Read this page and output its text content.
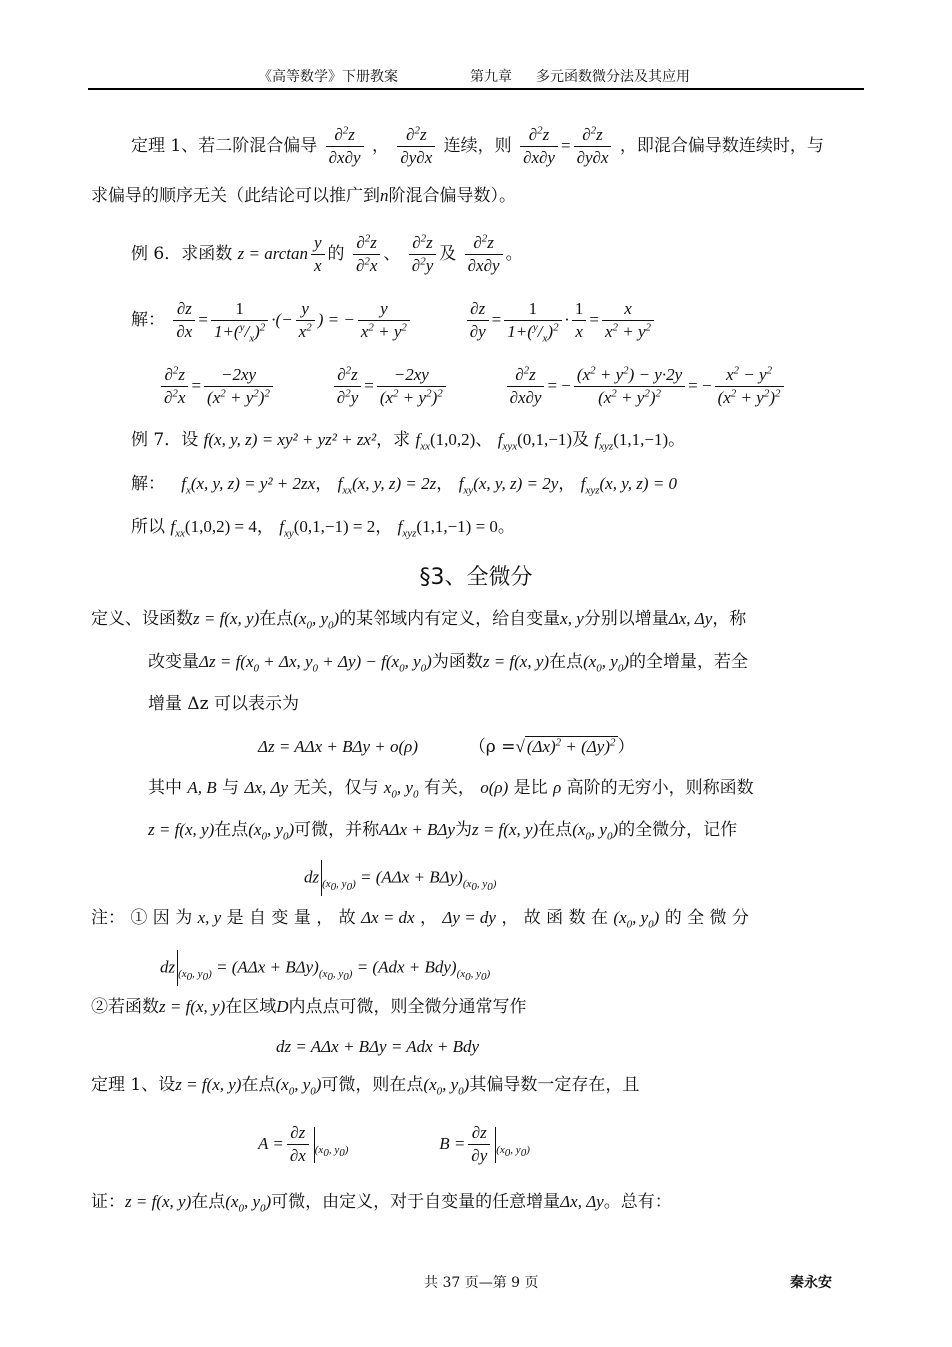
《高等数学》下册教案	第九章 多元函数微分法及其应用
定理 1、若二阶混合偏导 $\frac{\partial^2z}{\partial x\partial y}$ ， $\frac{\partial^2z}{\partial y\partial x}$ 连续，则 $\frac{\partial^2z}{\partial x\partial y} = \frac{\partial^2z}{\partial y\partial x}$ ，即混合偏导数连续时，与
求偏导的顺序无关（此结论可以推广到n阶混合偏导数）。
例 6．求函数 $z = \arctan \frac{y}{x}$ 的 $\frac{\partial^2z}{\partial^2x}$ 、 $\frac{\partial^2z}{\partial^2y}$ 及 $\frac{\partial^2z}{\partial x\partial y}$ 。
解： $\frac{\partial z}{\partial x} = \frac{1}{1+(^y/_x)^2}$ ·(− $\frac{y}{x^2}$ ) = − $\frac{y}{x^2 + y^2}$
	$\frac{\partial z}{\partial y} = \frac{1}{1+(^y/_x)^2} \cdot \frac{1}{x} = \frac{x}{x^2 + y^2}$
$\frac{\partial^2z}{\partial^2x} = \frac{-2xy}{(x^2 + y^2)^2}$
	$\frac{\partial^2z}{\partial^2y} = \frac{-2xy}{(x^2 + y^2)^2}$
	$\frac{\partial^2z}{\partial x\partial y}$ = − $\frac{(x^2 + y^2) - y\cdot 2y}{(x^2 + y^2)^2}$ = − $\frac{x^2 - y^2}{(x^2 + y^2)^2}$
例 7．设 f(x, y, z) = xy² + yz² + zx²，求 $f_{xx}(1,0,2)$、 $f_{xyx}(0,1,-1)$及 $f_{xyz}(1,1,-1)$。
解： $f_x(x$, y, z) = y² + 2zx， $f_{xx}(x$, y, z) = 2z， $f_{xy}(x$, y, z) = 2y， $f_{xyz}(x$, y, z) = 0
所以 $f_{xx}(1,0,2) = 4$， $f_{xy}(0,1,-1) = 2$， $f_{xyz}(1,1,-1) = 0$。
§3、全微分
定义、设函数z = f(x, y)在点($x_0$, $y_0$)的某邻域内有定义，给自变量x, y分别以增量Δx, Δy，称
改变量$\Delta z = f(x_0 + \Delta x$, $y_0 + \Delta y) - f(x_0$, $y_0$)为函数z = f(x, y)在点($x_0$, $y_0$)的全增量，若全
增量 Δz 可以表示为
Δz = AΔx + BΔy + o(ρ)	（ρ =√ $(\Delta x)^2 + (\Delta y)^2$ ）
其中 A, B 与 Δx, Δy 无关，仅与 $x_0$, $y_0$ 有关， o(ρ) 是比 ρ 高阶的无穷小，则称函数
z = f(x, y)在点($x_0$, $y_0$)可微，并称AΔx + BΔy为z = f(x, y)在点($x_0$, $y_0$)的全微分，记作
dz $_{(x_0, y_0)} = (A\Delta x + B\Delta y)_{(x_0, y_0)}$
注： ① 因 为 x, y 是 自 变 量 ， 故 Δx = dx ， Δy = dy ， 故 函 数 在 ($x_0$, $y_0$) 的 全 微 分
dz $_{(x_0, y_0)} = (A\Delta x + B\Delta y)_{(x_0, y_0)} = (Adx + Bdy)_{(x_0, y_0)}$
②若函数z = f(x, y)在区域D内点点可微，则全微分通常写作
dz = AΔx + BΔy = Adx + Bdy
定理 1、设z = f(x, y)在点($x_0$, $y_0$)可微，则在点($x_0$, $y_0$)其偏导数一定存在，且
$A = \frac{\partial z}{\partial x} _{(x_0, y_0)}$	$B = \frac{\partial z}{\partial y} _{(x_0, y_0)}$
证：z = f(x, y)在点($x_0$, $y_0$)可微，由定义，对于自变量的任意增量Δx, Δy。总有：
共 37 页—第 9 页	秦永安
